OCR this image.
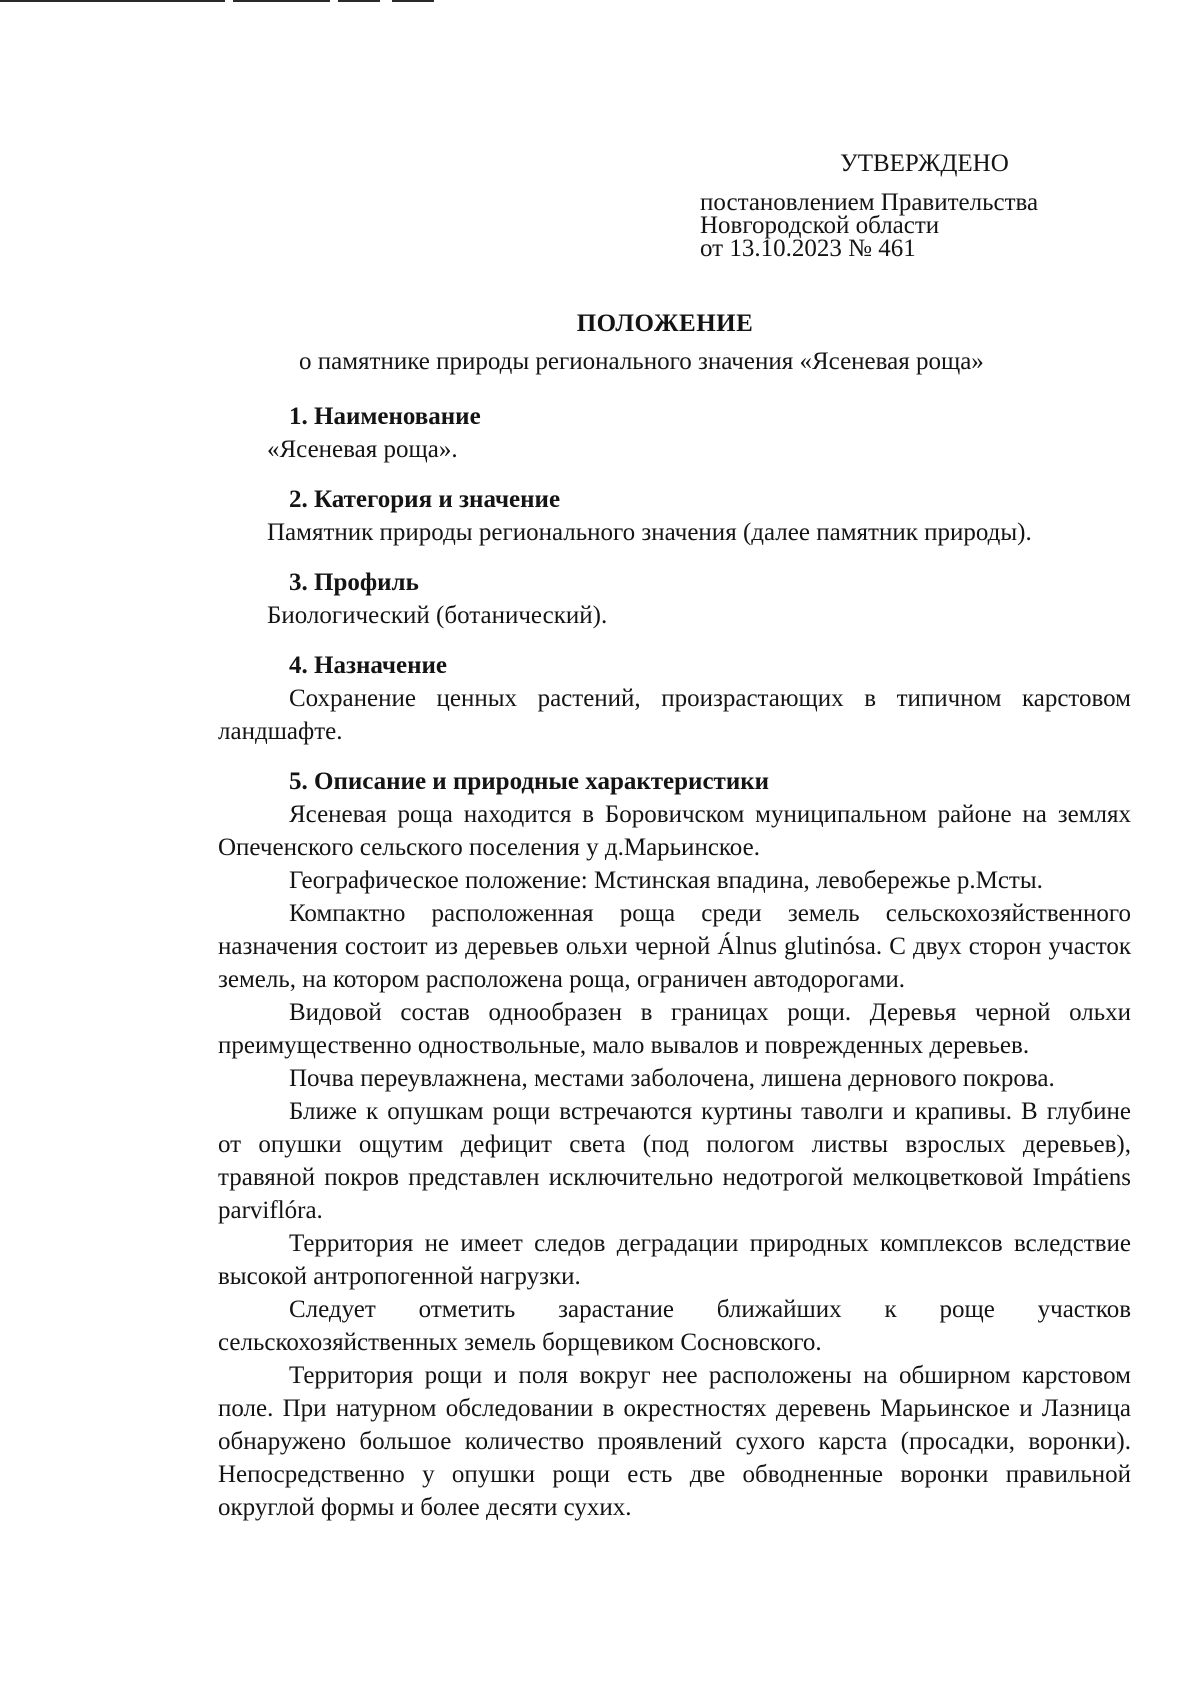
УТВЕРЖДЕНО
постановлением Правительства
Новгородской области
от 13.10.2023 № 461
ПОЛОЖЕНИЕ
о памятнике природы регионального значения «Ясеневая роща»
1. Наименование

«Ясеневая роща».

2. Категория и значение

Памятник природы регионального значения (далее памятник природы).

3. Профиль

Биологический (ботанический).

4. Назначение

Сохранение ценных растений, произрастающих в типичном карстовом ландшафте.

5. Описание и природные характеристики

Ясеневая роща находится в Боровичском муниципальном районе на землях Опеченского сельского поселения у д.Марьинское.

Географическое положение: Мстинская впадина, левобережье р.Мсты.

Компактно расположенная роща среди земель сельскохозяйственного назначения состоит из деревьев ольхи черной Álnus glutinósa. С двух сторон участок земель, на котором расположена роща, ограничен автодорогами.

Видовой состав однообразен в границах рощи. Деревья черной ольхи преимущественно одноствольные, мало вывалов и поврежденных деревьев.

Почва переувлажнена, местами заболочена, лишена дернового покрова.

Ближе к опушкам рощи встречаются куртины таволги и крапивы. В глубине от опушки ощутим дефицит света (под пологом листвы взрослых деревьев), травяной покров представлен исключительно недотрогой мелкоцветковой Impátiens parviflóra.

Территория не имеет следов деградации природных комплексов вследствие высокой антропогенной нагрузки.

Следует отметить зарастание ближайших к роще участков сельскохозяйственных земель борщевиком Сосновского.

Территория рощи и поля вокруг нее расположены на обширном карстовом поле. При натурном обследовании в окрестностях деревень Марьинское и Лазница обнаружено большое количество проявлений сухого карста (просадки, воронки). Непосредственно у опушки рощи есть две обводненные воронки правильной округлой формы и более десяти сухих.
